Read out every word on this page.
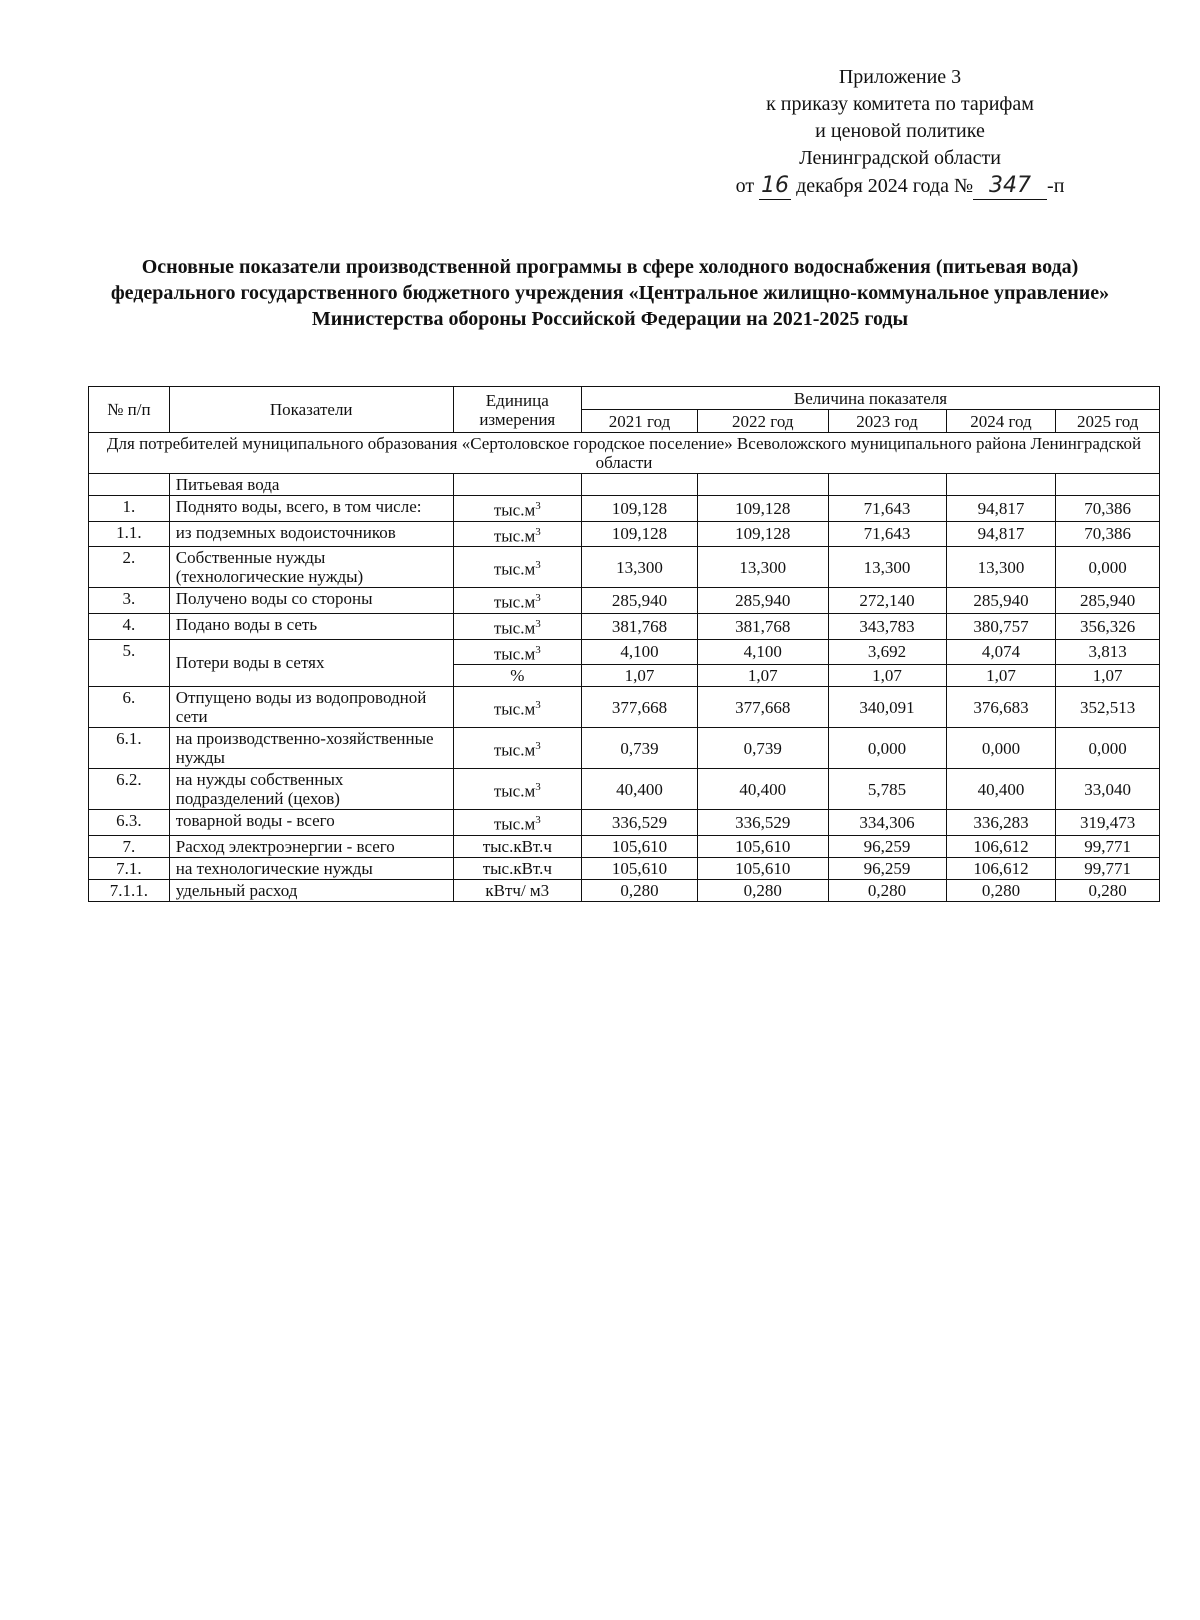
Приложение 3
к приказу комитета по тарифам
и ценовой политике
Ленинградской области
от 16 декабря 2024 года № 347 -п
Основные показатели производственной программы в сфере холодного водоснабжения (питьевая вода) федерального государственного бюджетного учреждения «Центральное жилищно-коммунальное управление» Министерства обороны Российской Федерации на 2021-2025 годы
№ п/п	Показатели	Единица измерения	Величина показателя				
			2021 год	2022 год	2023 год	2024 год	2025 год
Для потребителей муниципального образования «Сертоловское городское поселение» Всеволожского муниципального района Ленинградской области							
	Питьевая вода						
1.	Поднято воды, всего, в том числе:	$тыс.м^3$	109,128	109,128	71,643	94,817	70,386
1.1.	из подземных водоисточников	$тыс.м^3$	109,128	109,128	71,643	94,817	70,386
2.	Собственные нужды (технологические нужды)	$тыс.м^3$	13,300	13,300	13,300	13,300	0,000
3.	Получено воды со стороны	$тыс.м^3$	285,940	285,940	272,140	285,940	285,940
4.	Подано воды в сеть	$тыс.м^3$	381,768	381,768	343,783	380,757	356,326
5.	Потери воды в сетях	$тыс.м^3$	4,100	4,100	3,692	4,074	3,813
		%	1,07	1,07	1,07	1,07	1,07
6.	Отпущено воды из водопроводной сети	$тыс.м^3$	377,668	377,668	340,091	376,683	352,513
6.1.	на производственно-хозяйственные нужды	$тыс.м^3$	0,739	0,739	0,000	0,000	0,000
6.2.	на нужды собственных подразделений (цехов)	$тыс.м^3$	40,400	40,400	5,785	40,400	33,040
6.3.	товарной воды - всего	$тыс.м^3$	336,529	336,529	334,306	336,283	319,473
7.	Расход электроэнергии - всего	тыс.кВт.ч	105,610	105,610	96,259	106,612	99,771
7.1.	на технологические нужды	тыс.кВт.ч	105,610	105,610	96,259	106,612	99,771
7.1.1.	удельный расход	кВтч/ м3	0,280	0,280	0,280	0,280	0,280
